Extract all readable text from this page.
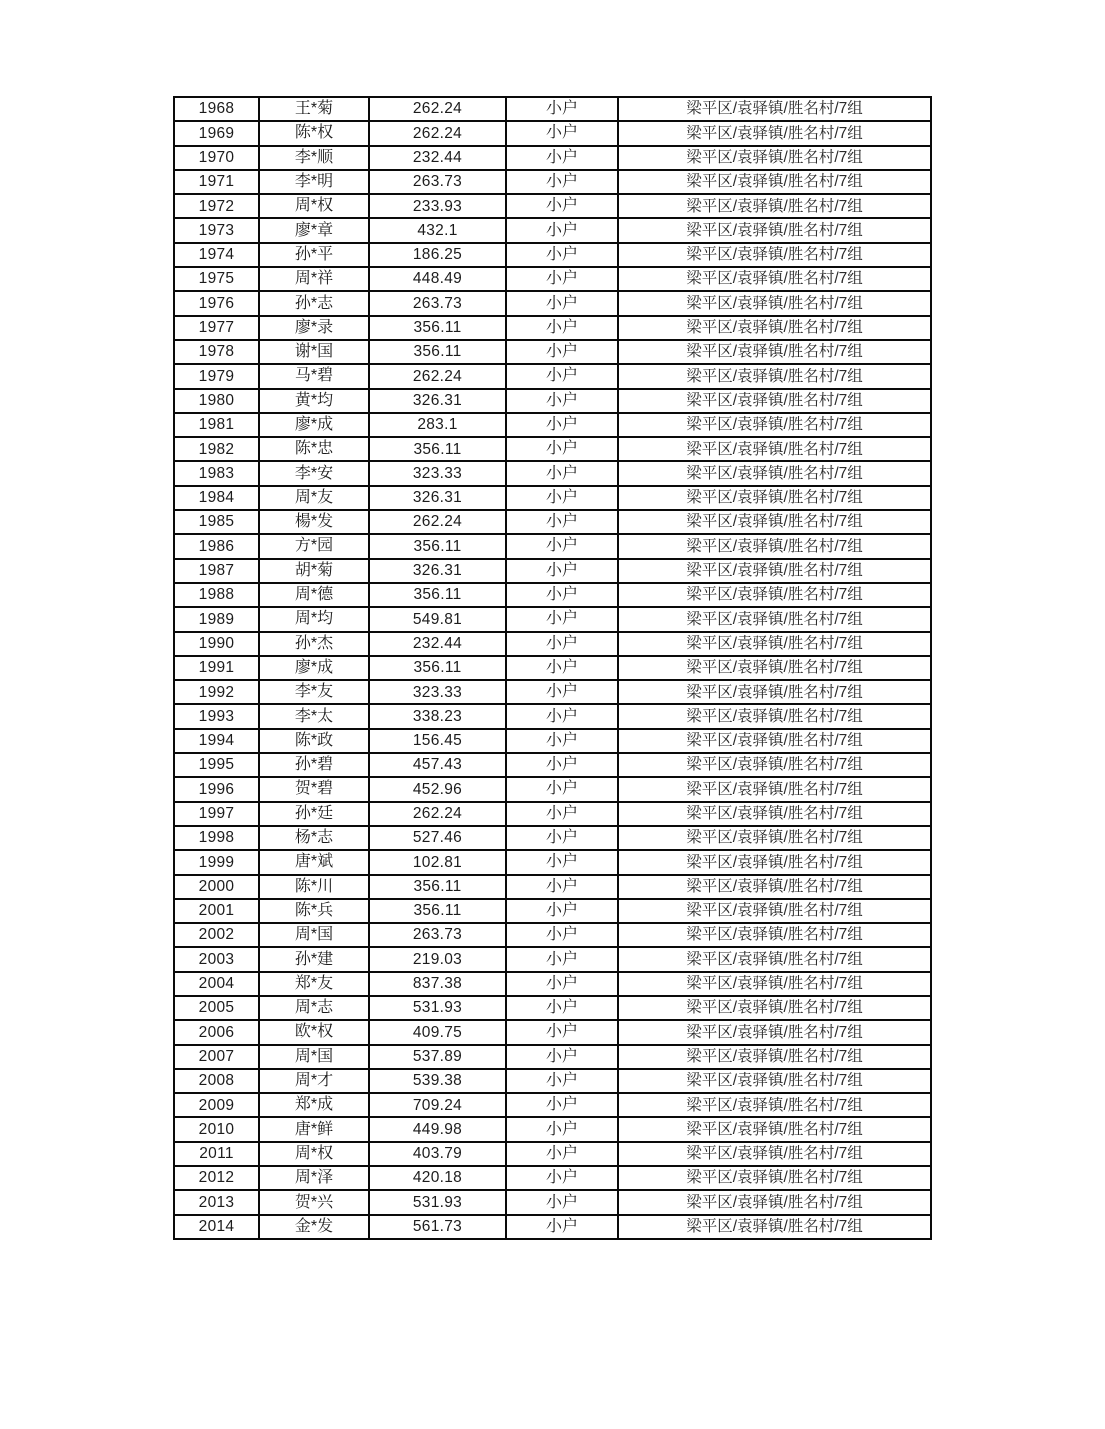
1968	王*菊	262.24	小户	梁平区/袁驿镇/胜名村/7组
1969	陈*权	262.24	小户	梁平区/袁驿镇/胜名村/7组
1970	李*顺	232.44	小户	梁平区/袁驿镇/胜名村/7组
1971	李*明	263.73	小户	梁平区/袁驿镇/胜名村/7组
1972	周*权	233.93	小户	梁平区/袁驿镇/胜名村/7组
1973	廖*章	432.1	小户	梁平区/袁驿镇/胜名村/7组
1974	孙*平	186.25	小户	梁平区/袁驿镇/胜名村/7组
1975	周*祥	448.49	小户	梁平区/袁驿镇/胜名村/7组
1976	孙*志	263.73	小户	梁平区/袁驿镇/胜名村/7组
1977	廖*录	356.11	小户	梁平区/袁驿镇/胜名村/7组
1978	谢*国	356.11	小户	梁平区/袁驿镇/胜名村/7组
1979	马*碧	262.24	小户	梁平区/袁驿镇/胜名村/7组
1980	黄*均	326.31	小户	梁平区/袁驿镇/胜名村/7组
1981	廖*成	283.1	小户	梁平区/袁驿镇/胜名村/7组
1982	陈*忠	356.11	小户	梁平区/袁驿镇/胜名村/7组
1983	李*安	323.33	小户	梁平区/袁驿镇/胜名村/7组
1984	周*友	326.31	小户	梁平区/袁驿镇/胜名村/7组
1985	楊*发	262.24	小户	梁平区/袁驿镇/胜名村/7组
1986	方*园	356.11	小户	梁平区/袁驿镇/胜名村/7组
1987	胡*菊	326.31	小户	梁平区/袁驿镇/胜名村/7组
1988	周*德	356.11	小户	梁平区/袁驿镇/胜名村/7组
1989	周*均	549.81	小户	梁平区/袁驿镇/胜名村/7组
1990	孙*杰	232.44	小户	梁平区/袁驿镇/胜名村/7组
1991	廖*成	356.11	小户	梁平区/袁驿镇/胜名村/7组
1992	李*友	323.33	小户	梁平区/袁驿镇/胜名村/7组
1993	李*太	338.23	小户	梁平区/袁驿镇/胜名村/7组
1994	陈*政	156.45	小户	梁平区/袁驿镇/胜名村/7组
1995	孙*碧	457.43	小户	梁平区/袁驿镇/胜名村/7组
1996	贺*碧	452.96	小户	梁平区/袁驿镇/胜名村/7组
1997	孙*廷	262.24	小户	梁平区/袁驿镇/胜名村/7组
1998	杨*志	527.46	小户	梁平区/袁驿镇/胜名村/7组
1999	唐*斌	102.81	小户	梁平区/袁驿镇/胜名村/7组
2000	陈*川	356.11	小户	梁平区/袁驿镇/胜名村/7组
2001	陈*兵	356.11	小户	梁平区/袁驿镇/胜名村/7组
2002	周*国	263.73	小户	梁平区/袁驿镇/胜名村/7组
2003	孙*建	219.03	小户	梁平区/袁驿镇/胜名村/7组
2004	郑*友	837.38	小户	梁平区/袁驿镇/胜名村/7组
2005	周*志	531.93	小户	梁平区/袁驿镇/胜名村/7组
2006	欧*权	409.75	小户	梁平区/袁驿镇/胜名村/7组
2007	周*国	537.89	小户	梁平区/袁驿镇/胜名村/7组
2008	周*才	539.38	小户	梁平区/袁驿镇/胜名村/7组
2009	郑*成	709.24	小户	梁平区/袁驿镇/胜名村/7组
2010	唐*鲜	449.98	小户	梁平区/袁驿镇/胜名村/7组
2011	周*权	403.79	小户	梁平区/袁驿镇/胜名村/7组
2012	周*泽	420.18	小户	梁平区/袁驿镇/胜名村/7组
2013	贺*兴	531.93	小户	梁平区/袁驿镇/胜名村/7组
2014	金*发	561.73	小户	梁平区/袁驿镇/胜名村/7组
